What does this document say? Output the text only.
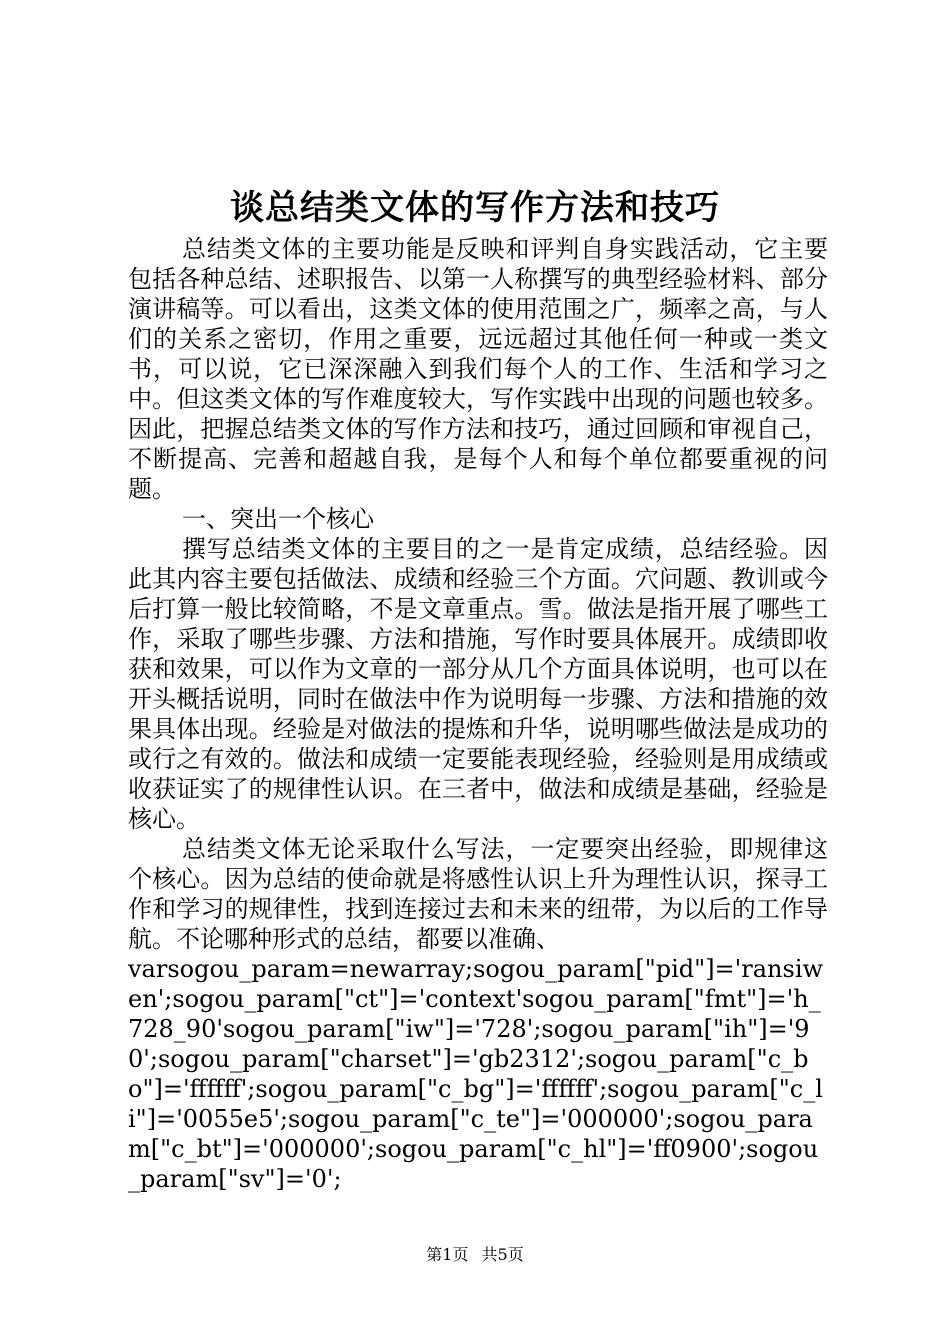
谈总结类文体的写作方法和技巧

总结类文体的主要功能是反映和评判自身实践活动，它主要包括各种总结、述职报告、以第一人称撰写的典型经验材料、部分演讲稿等。可以看出，这类文体的使用范围之广，频率之高，与人们的关系之密切，作用之重要，远远超过其他任何一种或一类文书，可以说，它已深深融入到我们每个人的工作、生活和学习之中。但这类文体的写作难度较大，写作实践中出现的问题也较多。因此，把握总结类文体的写作方法和技巧，通过回顾和审视自己，不断提高、完善和超越自我，是每个人和每个单位都要重视的问题。

一、突出一个核心

撰写总结类文体的主要目的之一是肯定成绩，总结经验。因此其内容主要包括做法、成绩和经验三个方面。穴问题、教训或今后打算一般比较简略，不是文章重点。雪。做法是指开展了哪些工作，采取了哪些步骤、方法和措施，写作时要具体展开。成绩即收获和效果，可以作为文章的一部分从几个方面具体说明，也可以在开头概括说明，同时在做法中作为说明每一步骤、方法和措施的效果具体出现。经验是对做法的提炼和升华，说明哪些做法是成功的或行之有效的。做法和成绩一定要能表现经验，经验则是用成绩或收获证实了的规律性认识。在三者中，做法和成绩是基础，经验是核心。

总结类文体无论采取什么写法，一定要突出经验，即规律这个核心。因为总结的使命就是将感性认识上升为理性认识，探寻工作和学习的规律性，找到连接过去和未来的纽带，为以后的工作导航。不论哪种形式的总结，都要以准确、

varsogou_param=newarray;sogou_param["pid"]='ransiwen';sogou_param["ct"]='context'sogou_param["fmt"]='h_728_90'sogou_param["iw"]='728';sogou_param["ih"]='90';sogou_param["charset"]='gb2312';sogou_param["c_bo"]='ffffff';sogou_param["c_bg"]='ffffff';sogou_param["c_li"]='0055e5';sogou_param["c_te"]='000000';sogou_param["c_bt"]='000000';sogou_param["c_hl"]='ff0900';sogou_param["sv"]='0';

第1页 共5页
